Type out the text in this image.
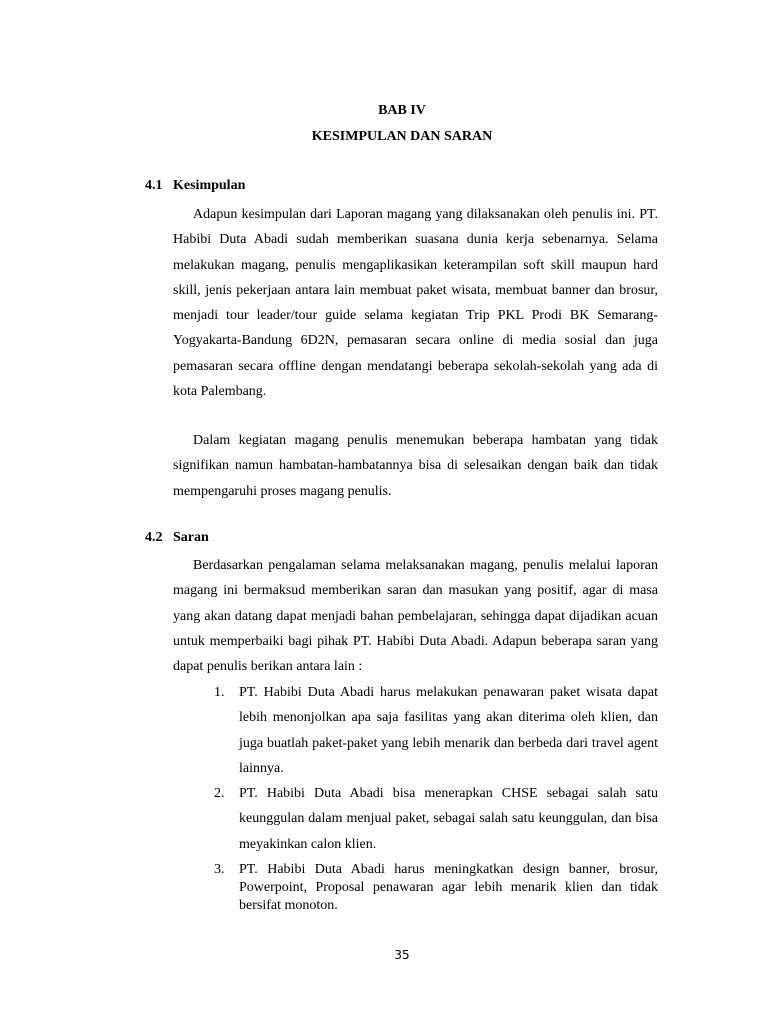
BAB IV
KESIMPULAN DAN SARAN
4.1 Kesimpulan

Adapun kesimpulan dari Laporan magang yang dilaksanakan oleh penulis ini. PT. Habibi Duta Abadi sudah memberikan suasana dunia kerja sebenarnya. Selama melakukan magang, penulis mengaplikasikan keterampilan soft skill maupun hard skill, jenis pekerjaan antara lain membuat paket wisata, membuat banner dan brosur, menjadi tour leader/tour guide selama kegiatan Trip PKL Prodi BK Semarang-Yogyakarta-Bandung 6D2N, pemasaran secara online di media sosial dan juga pemasaran secara offline dengan mendatangi beberapa sekolah-sekolah yang ada di kota Palembang.

Dalam kegiatan magang penulis menemukan beberapa hambatan yang tidak signifikan namun hambatan-hambatannya bisa di selesaikan dengan baik dan tidak mempengaruhi proses magang penulis.

4.2 Saran

Berdasarkan pengalaman selama melaksanakan magang, penulis melalui laporan magang ini bermaksud memberikan saran dan masukan yang positif, agar di masa yang akan datang dapat menjadi bahan pembelajaran, sehingga dapat dijadikan acuan untuk memperbaiki bagi pihak PT. Habibi Duta Abadi. Adapun beberapa saran yang dapat penulis berikan antara lain :

1. PT. Habibi Duta Abadi harus melakukan penawaran paket wisata dapat lebih menonjolkan apa saja fasilitas yang akan diterima oleh klien, dan juga buatlah paket-paket yang lebih menarik dan berbeda dari travel agent lainnya.
2. PT. Habibi Duta Abadi bisa menerapkan CHSE sebagai salah satu keunggulan dalam menjual paket, sebagai salah satu keunggulan, dan bisa meyakinkan calon klien.
3. PT. Habibi Duta Abadi harus meningkatkan design banner, brosur, Powerpoint, Proposal penawaran agar lebih menarik klien dan tidak bersifat monoton.
35
